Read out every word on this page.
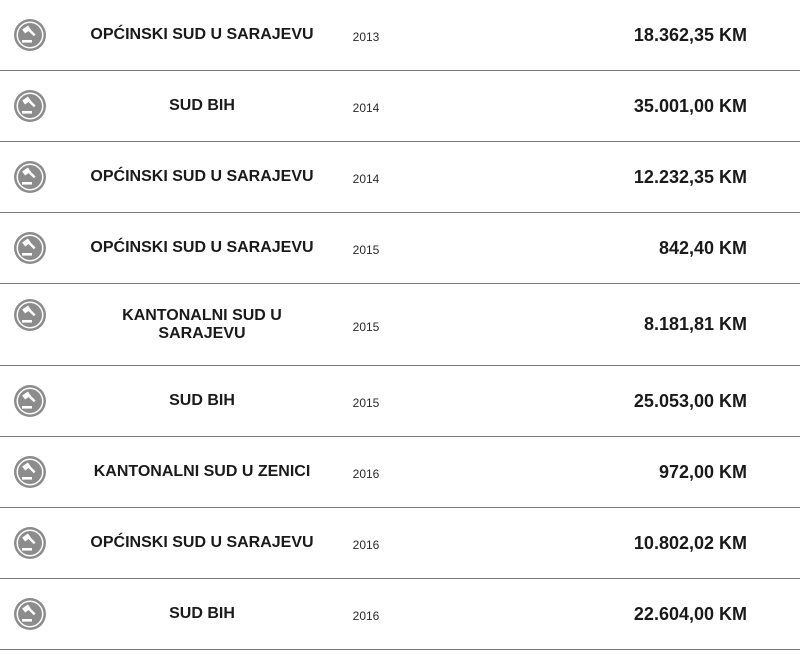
OPĆINSKI SUD U SARAJEVU	2013	18.362,35 KM
SUD BIH	2014	35.001,00 KM
OPĆINSKI SUD U SARAJEVU	2014	12.232,35 KM
OPĆINSKI SUD U SARAJEVU	2015	842,40 KM
KANTONALNI SUD U SARAJEVU	2015	8.181,81 KM
SUD BIH	2015	25.053,00 KM
KANTONALNI SUD U ZENICI	2016	972,00 KM
OPĆINSKI SUD U SARAJEVU	2016	10.802,02 KM
SUD BIH	2016	22.604,00 KM
